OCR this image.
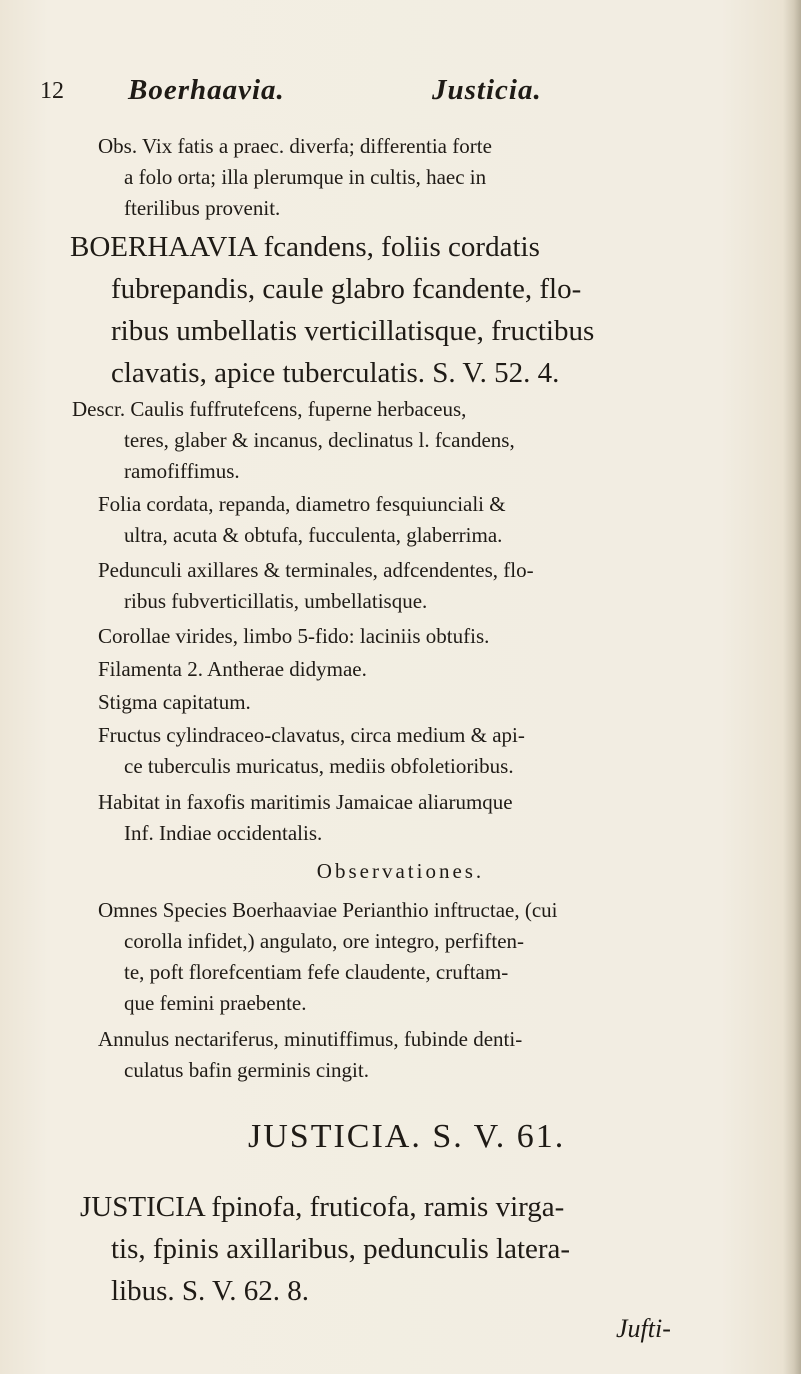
12 Boerhaavia.	Justicia.
Obs. Vix fatis a praec. diverfa; differentia forte
a folo orta; illa plerumque in cultis, haec in
fterilibus provenit.
BOERHAAVIA fcandens, foliis cordatis
fubrepandis, caule glabro fcandente, flo-
ribus umbellatis verticillatisque, fructibus
clavatis, apice tuberculatis. S. V. 52. 4.
Descr. Caulis fuffrutefcens, fuperne herbaceus,
teres, glaber & incanus, declinatus l. fcandens,
ramofiffimus.
Folia cordata, repanda, diametro fesquiunciali &
ultra, acuta & obtufa, fucculenta, glaberrima.
Pedunculi axillares & terminales, adfcendentes, flo-
ribus fubverticillatis, umbellatisque.
Corollae virides, limbo 5-fido: laciniis obtufis.
Filamenta 2. Antherae didymae.
Stigma capitatum.
Fructus cylindraceo-clavatus, circa medium & api-
ce tuberculis muricatus, mediis obfoletioribus.
Habitat in faxofis maritimis Jamaicae aliarumque
Inf. Indiae occidentalis.
Observationes.
Omnes Species Boerhaaviae Perianthio inftructae, (cui
corolla infidet,) angulato, ore integro, perfiften-
te, poft florefcentiam fefe claudente, cruftam-
que femini praebente.
Annulus nectariferus, minutiffimus, fubinde denti-
culatus bafin germinis cingit.
JUSTICIA. S. V. 61.
JUSTICIA fpinofa, fruticofa, ramis virga-
tis, fpinis axillaribus, pedunculis latera-
libus. S. V. 62. 8.
Jufti-
